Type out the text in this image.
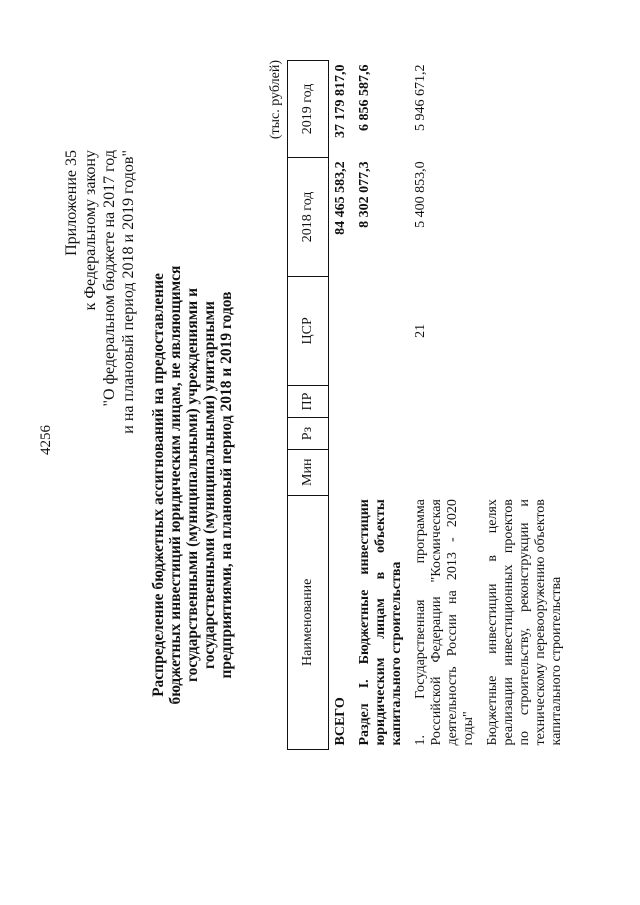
4256
Приложение 35 к Федеральному закону "О федеральном бюджете на 2017 год и на плановый период 2018 и 2019 годов" Распределение бюджетных ассигнований на предоставление бюджетных инвестиций юридическим лицам, не являющимся государственными (муниципальными) учреждениями и государственными (муниципальными) унитарными предприятиями, на плановый период 2018 и 2019 годов
(тыс. рублей)
Наименование	Мин	Рз	ПР	ЦСР	2018 год	2019 год
ВСЕГО					84 465 583,2	37 179 817,0
Раздел I. Бюджетные инвестиции юридическим лицам в объекты капитального строительства					8 302 077,3	6 856 587,6
1. Государственная программа Российской Федерации "Космическая деятельность России на 2013 - 2020 годы"				21	5 400 853,0	5 946 671,2
Бюджетные инвестиции в целях реализации инвестиционных проектов по строительству, реконструкции и техническому перевооружению объектов капитального строительства						
